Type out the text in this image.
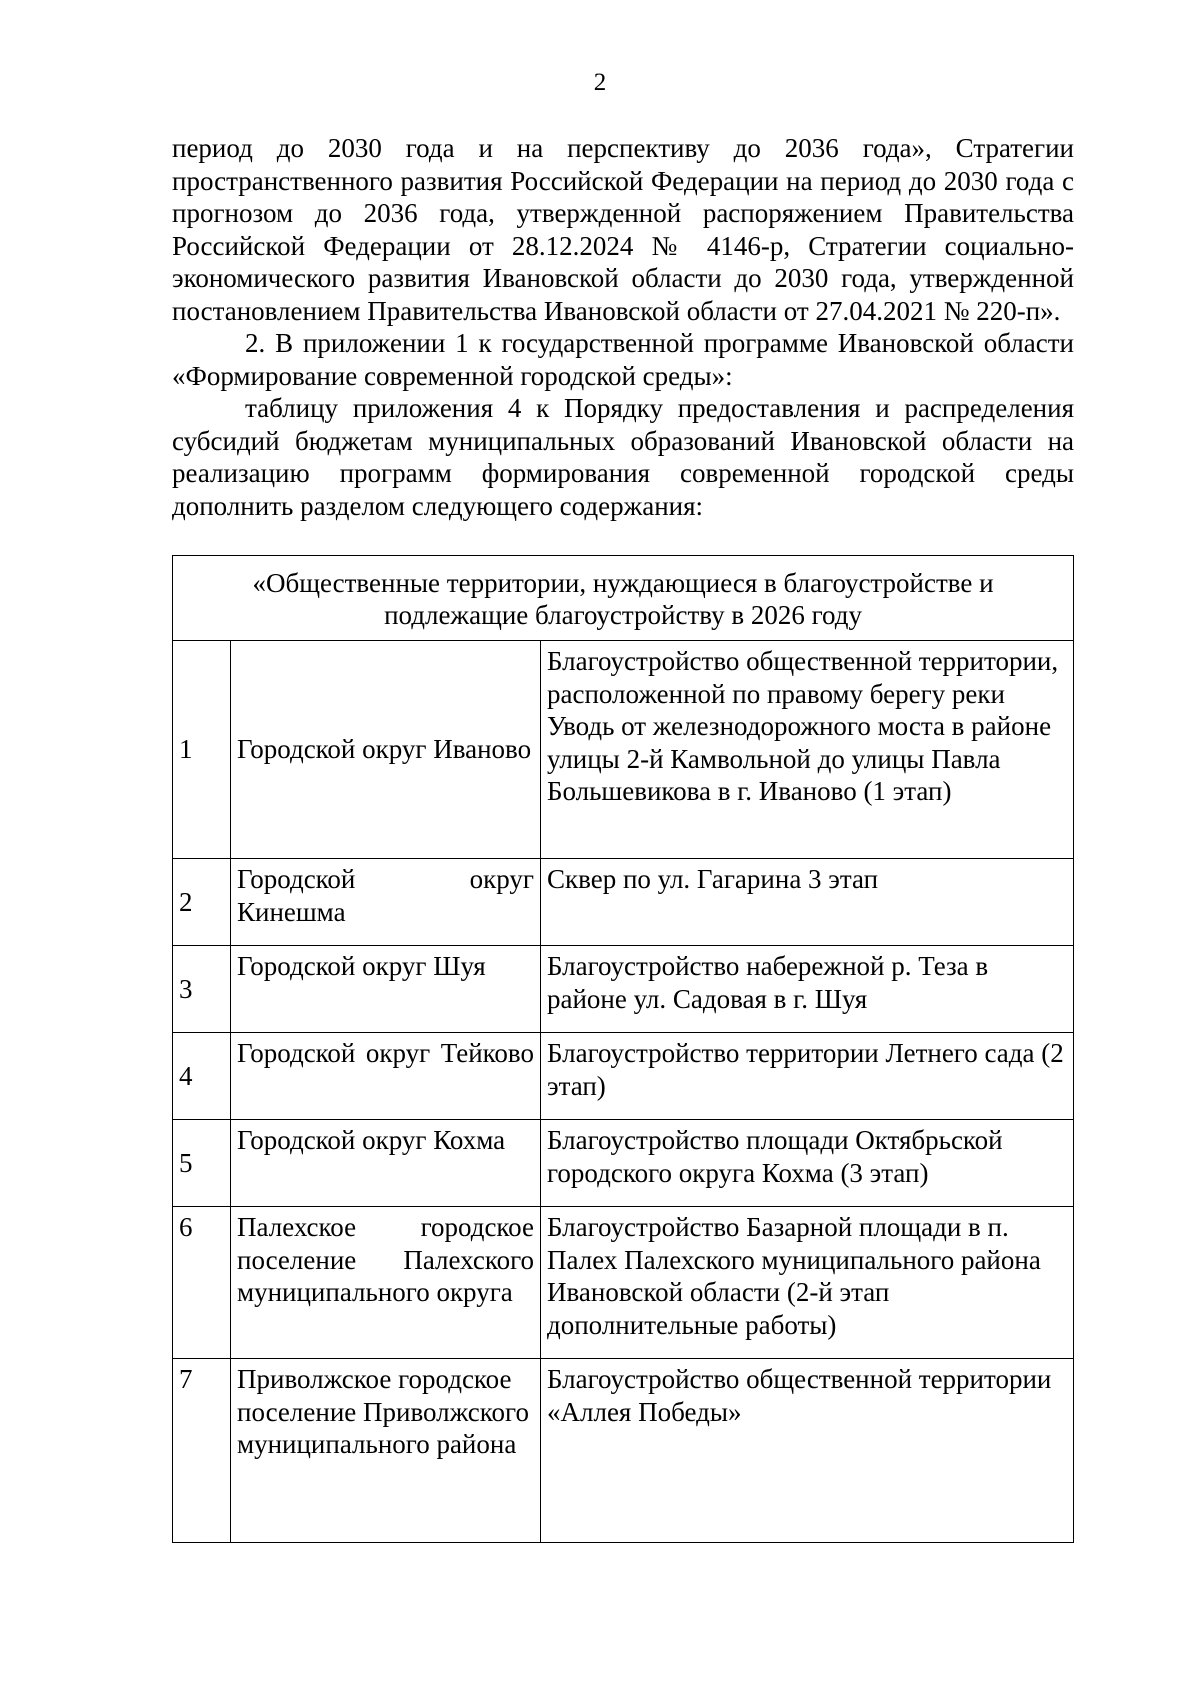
2

период до 2030 года и на перспективу до 2036 года», Стратегии пространственного развития Российской Федерации на период до 2030 года с прогнозом до 2036 года, утвержденной распоряжением Правительства Российской Федерации от 28.12.2024 № 4146-р, Стратегии социально-экономического развития Ивановской области до 2030 года, утвержденной постановлением Правительства Ивановской области от 27.04.2021 № 220-п».

2. В приложении 1 к государственной программе Ивановской области «Формирование современной городской среды»:

таблицу приложения 4 к Порядку предоставления и распределения субсидий бюджетам муниципальных образований Ивановской области на реализацию программ формирования современной городской среды дополнить разделом следующего содержания:

«Общественные территории, нуждающиеся в благоустройстве и подлежащие благоустройству в 2026 году		
1	Городской округ Иваново	Благоустройство общественной территории, расположенной по правому берегу реки Уводь от железнодорожного моста в районе улицы 2-й Камвольной до улицы Павла Большевикова в г. Иваново (1 этап)
2	Городской округ Кинешма	Сквер по ул. Гагарина 3 этап
3	Городской округ Шуя	Благоустройство набережной р. Теза в районе ул. Садовая в г. Шуя
4	Городской округ Тейково	Благоустройство территории Летнего сада (2 этап)
5	Городской округ Кохма	Благоустройство площади Октябрьской городского округа Кохма (3 этап)
6	Палехское городское поселение Палехского муниципального округа	Благоустройство Базарной площади в п. Палех Палехского муниципального района Ивановской области (2-й этап дополнительные работы)
7	Приволжское городское поселение Приволжского муниципального района	Благоустройство общественной территории «Аллея Победы»
